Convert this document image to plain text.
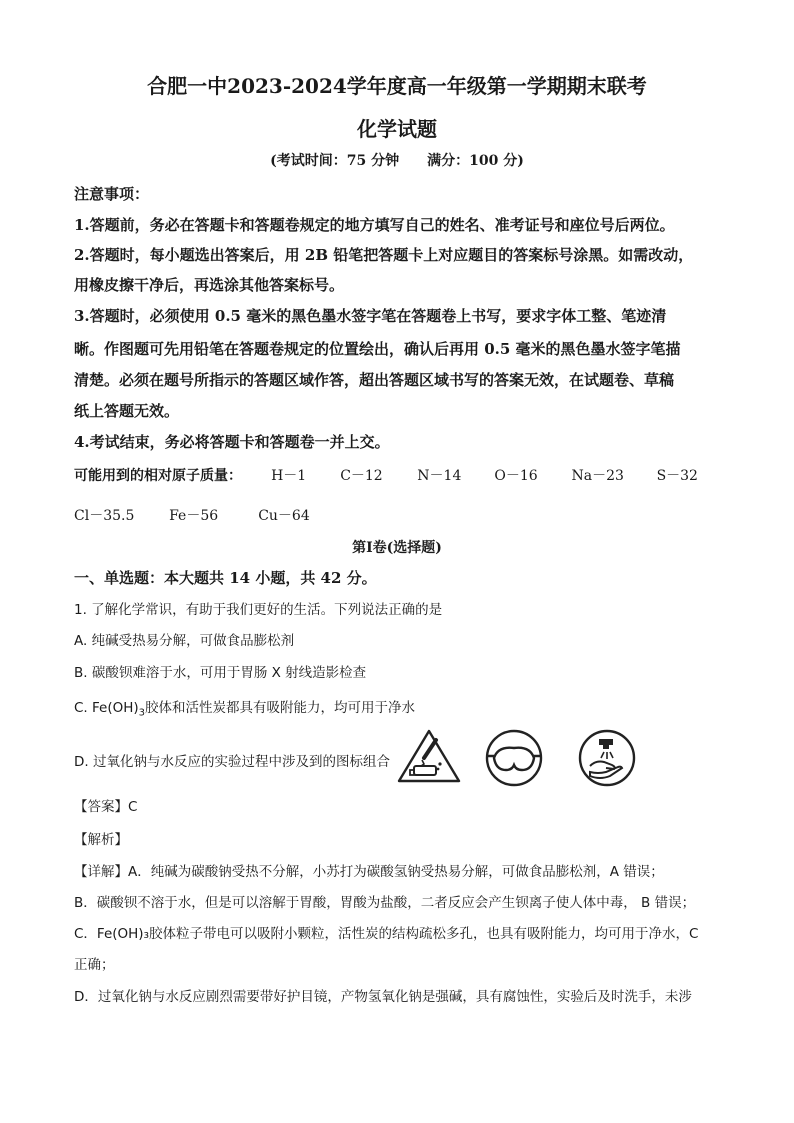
合肥一中2023-2024学年度高一年级第一学期期末联考
化学试题
(考试时间：75 分钟　　满分：100 分)
注意事项：
1.答题前，务必在答题卡和答题卷规定的地方填写自己的姓名、准考证号和座位号后两位。
2.答题时，每小题选出答案后，用 2B 铅笔把答题卡上对应题目的答案标号涂黑。如需改动，
用橡皮擦干净后，再选涂其他答案标号。
3.答题时，必须使用 0.5 毫米的黑色墨水签字笔在答题卷上书写，要求字体工整、笔迹清
晰。作图题可先用铅笔在答题卷规定的位置绘出，确认后再用 0.5 毫米的黑色墨水签字笔描
清楚。必须在题号所指示的答题区域作答，超出答题区域书写的答案无效，在试题卷、草稿
纸上答题无效。
4.考试结束，务必将答题卡和答题卷一并上交。
可能用到的相对原子质量： H－1 C－12 N－14 O－16 Na－23 S－32
Cl－35.5 Fe－56	Cu－64
第Ⅰ卷(选择题)
一、单选题：本大题共 14 小题，共 42 分。
1. 了解化学常识，有助于我们更好的生活。下列说法正确的是
A. 纯碱受热易分解，可做食品膨松剂
B. 碳酸钡难溶于水，可用于胃肠 X 射线造影检查
C. $Fe(OH)_3$胶体和活性炭都具有吸附能力，均可用于净水
D. 过氧化钠与水反应的实验过程中涉及到的图标组合
【答案】C
【解析】
【详解】A．纯碱为碳酸钠受热不分解，小苏打为碳酸氢钠受热易分解，可做食品膨松剂，A 错误；
B．碳酸钡不溶于水，但是可以溶解于胃酸，胃酸为盐酸，二者反应会产生钡离子使人体中毒， B 错误；
C．Fe(OH)₃胶体粒子带电可以吸附小颗粒，活性炭的结构疏松多孔，也具有吸附能力，均可用于净水，C
正确；
D．过氧化钠与水反应剧烈需要带好护目镜，产物氢氧化钠是强碱，具有腐蚀性，实验后及时洗手，未涉
